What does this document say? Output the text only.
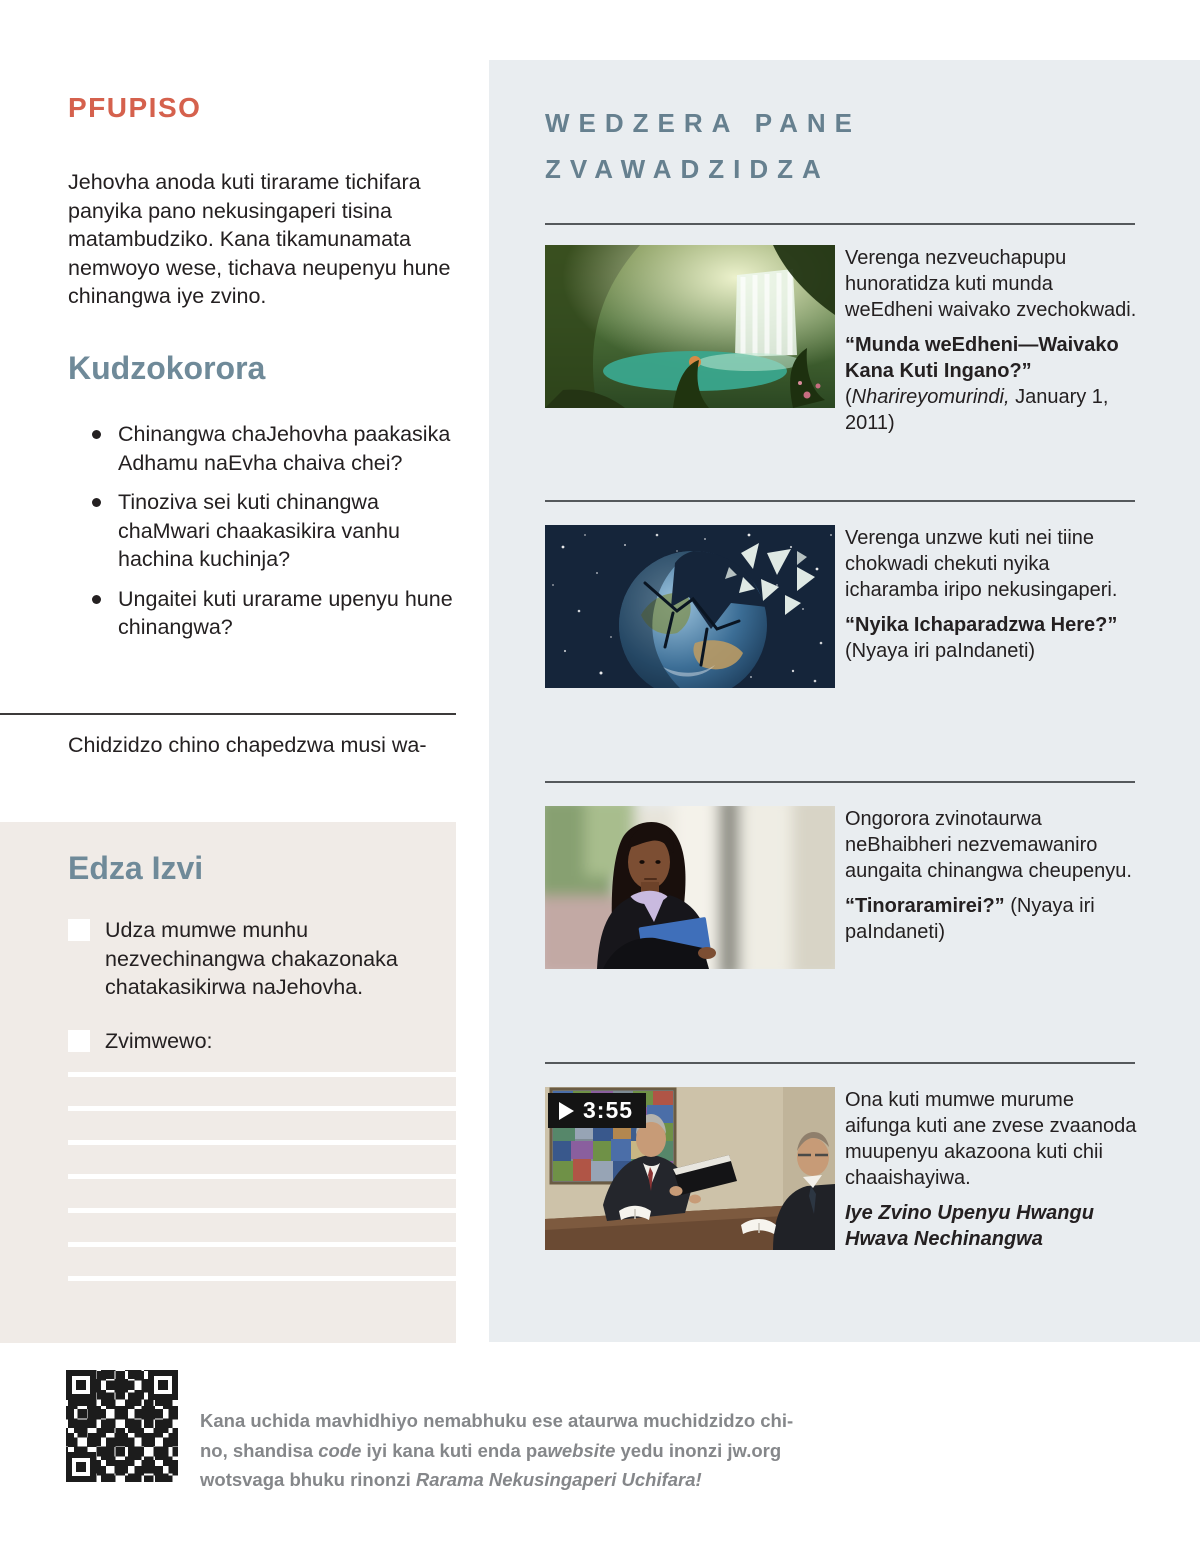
PFUPISO

Jehovha anoda kuti tirarame tichifara panyika pano nekusingaperi tisina matambudziko. Kana tikamunamata nemwoyo wese, tichava neupenyu hune chinangwa iye zvino.

Kudzokorora
Chinangwa chaJehovha paakasika Adhamu naEvha chaiva chei?
Tinoziva sei kuti chinangwa chaMwari chaakasikira vanhu hachina kuchinja?
Ungaitei kuti urarame upenyu hune chinangwa?

Chidzidzo chino chapedzwa musi wa-

Edza Izvi
Udza mumwe munhu nezvechinangwa chakazonaka chatakasikirwa naJehovha.
Zvimwewo:
WEDZERA PANE
ZVAWADZIDZA

Verenga nezveuchapupu hunoratidza kuti munda weEdheni waivako zvechokwadi.

“Munda weEdheni—Waivako Kana Kuti Ingano?” (Nharireyomurindi, January 1, 2011)

Verenga unzwe kuti nei tiine chokwadi chekuti nyika icharamba iripo nekusingaperi.

“Nyika Ichaparadzwa Here?” (Nyaya iri paIndaneti)

Ongorora zvinotaurwa neBhaibheri nezvemawaniro aungaita chinangwa cheupenyu.

“Tinoraramirei?” (Nyaya iri paIndaneti)

3:55	Ona kuti mumwe murume aifunga kuti ane zvese zvaanoda muupenyu akazoona kuti chii chaaishayiwa.

Iye Zvino Upenyu Hwangu Hwava Nechinangwa

Kana uchida mavhidhiyo nemabhuku ese ataurwa muchidzidzo chi-
no, shandisa code iyi kana kuti enda pawebsite yedu inonzi jw.org
wotsvaga bhuku rinonzi Rarama Nekusingaperi Uchifara!
